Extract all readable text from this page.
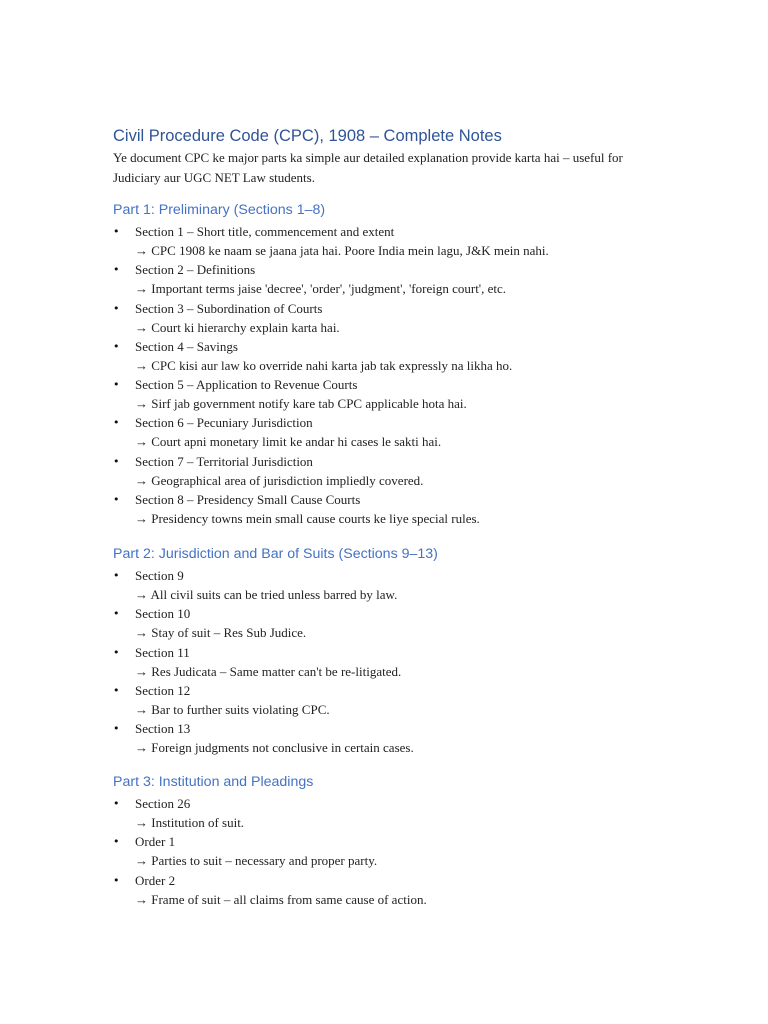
Civil Procedure Code (CPC), 1908 – Complete Notes

Ye document CPC ke major parts ka simple aur detailed explanation provide karta hai – useful for Judiciary aur UGC NET Law students.

Part 1: Preliminary (Sections 1–8)
•	Section 1 – Short title, commencement and extent
→ CPC 1908 ke naam se jaana jata hai. Poore India mein lagu, J&K mein nahi.
•	Section 2 – Definitions
→ Important terms jaise 'decree', 'order', 'judgment', 'foreign court', etc.
•	Section 3 – Subordination of Courts
→ Court ki hierarchy explain karta hai.
•	Section 4 – Savings
→ CPC kisi aur law ko override nahi karta jab tak expressly na likha ho.
•	Section 5 – Application to Revenue Courts
→ Sirf jab government notify kare tab CPC applicable hota hai.
•	Section 6 – Pecuniary Jurisdiction
→ Court apni monetary limit ke andar hi cases le sakti hai.
•	Section 7 – Territorial Jurisdiction
→ Geographical area of jurisdiction impliedly covered.
•	Section 8 – Presidency Small Cause Courts
→ Presidency towns mein small cause courts ke liye special rules.
Part 2: Jurisdiction and Bar of Suits (Sections 9–13)
•	Section 9
→ All civil suits can be tried unless barred by law.
•	Section 10
→ Stay of suit – Res Sub Judice.
•	Section 11
→ Res Judicata – Same matter can't be re-litigated.
•	Section 12
→ Bar to further suits violating CPC.
•	Section 13
→ Foreign judgments not conclusive in certain cases.
Part 3: Institution and Pleadings
•	Section 26
→ Institution of suit.
•	Order 1
→ Parties to suit – necessary and proper party.
•	Order 2
→ Frame of suit – all claims from same cause of action.
